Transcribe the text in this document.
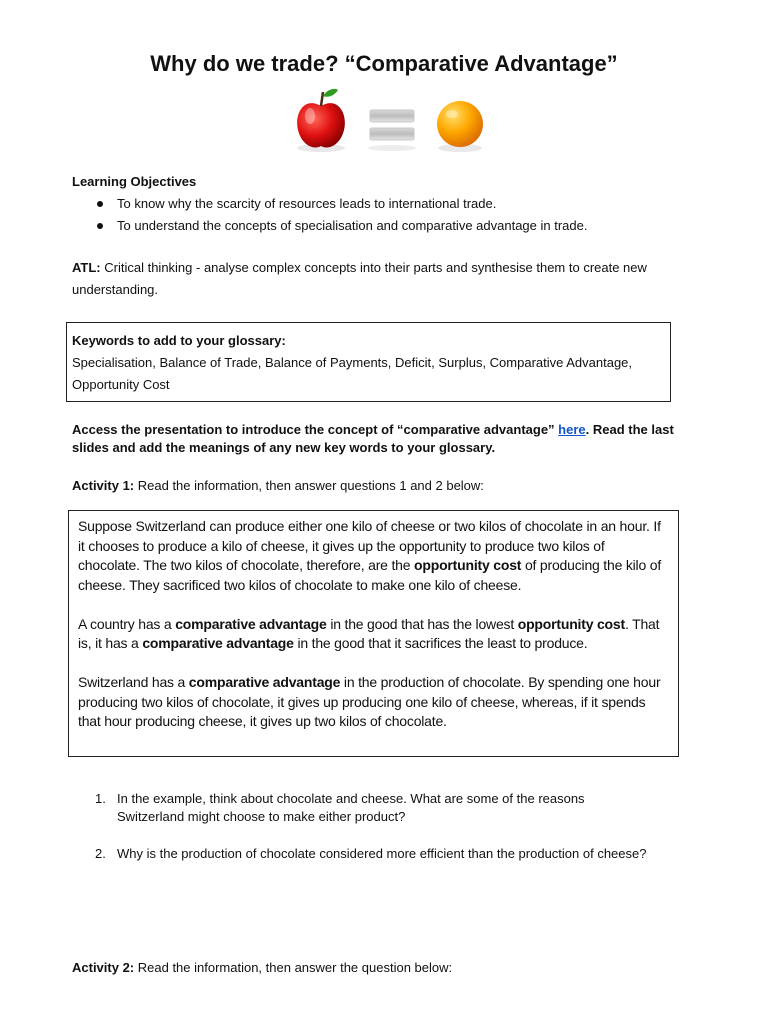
Why do we trade? “Comparative Advantage”
Learning Objectives
To know why the scarcity of resources leads to international trade.
To understand the concepts of specialisation and comparative advantage in trade.
ATL: Critical thinking - analyse complex concepts into their parts and synthesise them to create new understanding.
Keywords to add to your glossary:
Specialisation, Balance of Trade, Balance of Payments, Deficit, Surplus, Comparative Advantage, Opportunity Cost
Access the presentation to introduce the concept of “comparative advantage” here. Read the last slides and add the meanings of any new key words to your glossary.
Activity 1: Read the information, then answer questions 1 and 2 below:

Suppose Switzerland can produce either one kilo of cheese or two kilos of chocolate in an hour. If it chooses to produce a kilo of cheese, it gives up the opportunity to produce two kilos of chocolate. The two kilos of chocolate, therefore, are the opportunity cost of producing the kilo of cheese. They sacrificed two kilos of chocolate to make one kilo of cheese.

A country has a comparative advantage in the good that has the lowest opportunity cost. That is, it has a comparative advantage in the good that it sacrifices the least to produce.

Switzerland has a comparative advantage in the production of chocolate. By spending one hour producing two kilos of chocolate, it gives up producing one kilo of cheese, whereas, if it spends that hour producing cheese, it gives up two kilos of chocolate.

1. In the example, think about chocolate and cheese. What are some of the reasons Switzerland might choose to make either product?
2. Why is the production of chocolate considered more efficient than the production of cheese?
Activity 2: Read the information, then answer the question below:
